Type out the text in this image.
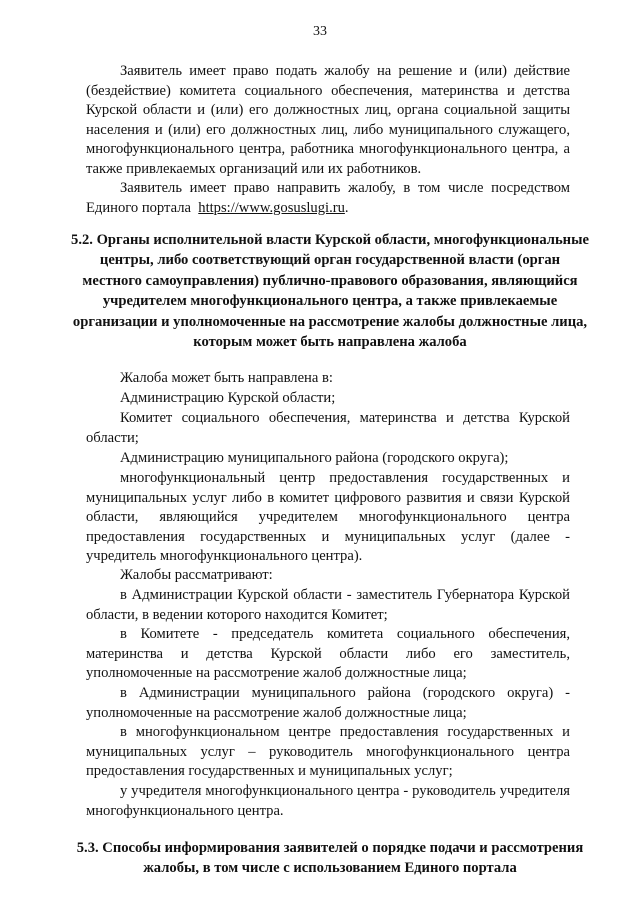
33

Заявитель имеет право подать жалобу на решение и (или) действие (бездействие) комитета социального обеспечения, материнства и детства Курской области и (или) его должностных лиц, органа социальной защиты населения и (или) его должностных лиц, либо муниципального служащего, многофункционального центра, работника многофункционального центра, а также привлекаемых организаций или их работников.

Заявитель имеет право направить жалобу, в том числе посредством Единого портала https://www.gosuslugi.ru.

5.2. Органы исполнительной власти Курской области, многофункциональные центры, либо соответствующий орган государственной власти (орган местного самоуправления) публично-правового образования, являющийся учредителем многофункционального центра, а также привлекаемые организации и уполномоченные на рассмотрение жалобы должностные лица, которым может быть направлена жалоба

Жалоба может быть направлена в:

Администрацию Курской области;

Комитет социального обеспечения, материнства и детства Курской области;

Администрацию муниципального района (городского округа);

многофункциональный центр предоставления государственных и муниципальных услуг либо в комитет цифрового развития и связи Курской области, являющийся учредителем многофункционального центра предоставления государственных и муниципальных услуг (далее - учредитель многофункционального центра).

Жалобы рассматривают:

в Администрации Курской области - заместитель Губернатора Курской области, в ведении которого находится Комитет;

в Комитете - председатель комитета социального обеспечения, материнства и детства Курской области либо его заместитель, уполномоченные на рассмотрение жалоб должностные лица;

в Администрации муниципального района (городского округа) - уполномоченные на рассмотрение жалоб должностные лица;

в многофункциональном центре предоставления государственных и муниципальных услуг – руководитель многофункционального центра предоставления государственных и муниципальных услуг;

у учредителя многофункционального центра - руководитель учредителя многофункционального центра.

5.3. Способы информирования заявителей о порядке подачи и рассмотрения жалобы, в том числе с использованием Единого портала
